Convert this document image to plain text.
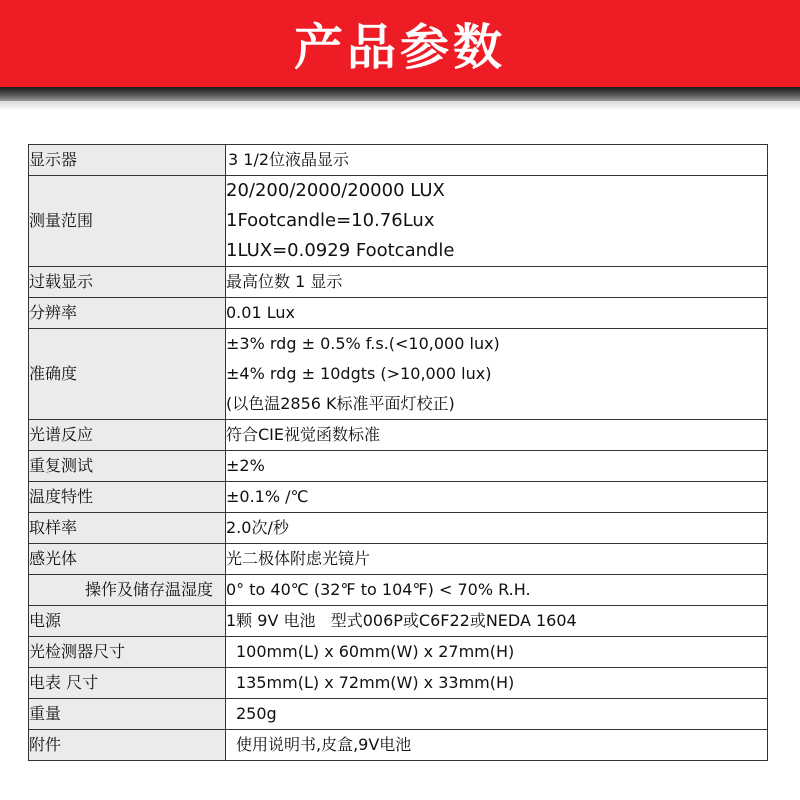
产品参数
显示器	3 1/2位液晶显示

测量范围	20/200/2000/20000 LUX
1Footcandle=10.76Lux
1LUX=0.0929 Footcandle

过载显示	最高位数 1 显示

分辨率	0.01 Lux

准确度	±3% rdg ± 0.5% f.s.(<10,000 lux)
±4% rdg ± 10dgts (>10,000 lux)
(以色温2856 K标准平面灯校正)

光谱反应	符合CIE视觉函数标准

重复测试	±2%

温度特性	±0.1% /℃

取样率	2.0次/秒

感光体	光二极体附虑光镜片

操作及储存温湿度	0° to 40℃ (32℉ to 104℉) < 70% R.H.

电源	1颗 9V 电池   型式006P或C6F22或NEDA 1604

光检测器尺寸	100mm(L) x 60mm(W) x 27mm(H)

电表 尺寸	135mm(L) x 72mm(W) x 33mm(H)

重量	250g

附件	使用说明书,皮盒,9V电池
